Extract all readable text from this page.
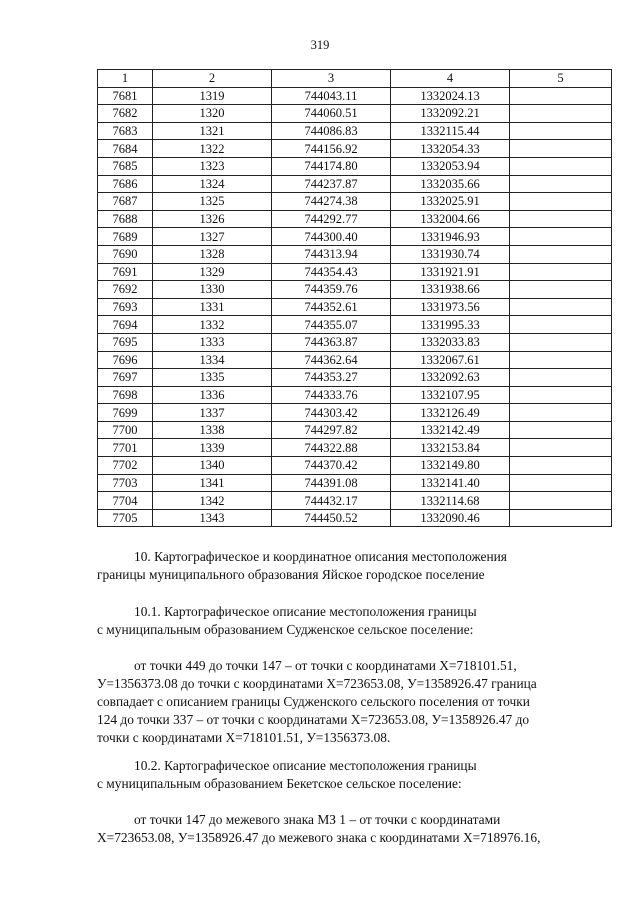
319
1	2	3	4	5
7681	1319	744043.11	1332024.13	
7682	1320	744060.51	1332092.21	
7683	1321	744086.83	1332115.44	
7684	1322	744156.92	1332054.33	
7685	1323	744174.80	1332053.94	
7686	1324	744237.87	1332035.66	
7687	1325	744274.38	1332025.91	
7688	1326	744292.77	1332004.66	
7689	1327	744300.40	1331946.93	
7690	1328	744313.94	1331930.74	
7691	1329	744354.43	1331921.91	
7692	1330	744359.76	1331938.66	
7693	1331	744352.61	1331973.56	
7694	1332	744355.07	1331995.33	
7695	1333	744363.87	1332033.83	
7696	1334	744362.64	1332067.61	
7697	1335	744353.27	1332092.63	
7698	1336	744333.76	1332107.95	
7699	1337	744303.42	1332126.49	
7700	1338	744297.82	1332142.49	
7701	1339	744322.88	1332153.84	
7702	1340	744370.42	1332149.80	
7703	1341	744391.08	1332141.40	
7704	1342	744432.17	1332114.68	
7705	1343	744450.52	1332090.46	
10. Картографическое и координатное описания местоположения
границы муниципального образования Яйское городское поселение
10.1. Картографическое описание местоположения границы
с муниципальным образованием Судженское сельское поселение:
от точки 449 до точки 147 – от точки с координатами Х=718101.51,
У=1356373.08 до точки с координатами Х=723653.08, У=1358926.47 граница
совпадает с описанием границы Судженского сельского поселения от точки
124 до точки 337 – от точки с координатами Х=723653.08, У=1358926.47 до
точки с координатами Х=718101.51, У=1356373.08.
10.2. Картографическое описание местоположения границы
с муниципальным образованием Бекетское сельское поселение:
от точки 147 до межевого знака МЗ 1 – от точки с координатами
Х=723653.08, У=1358926.47 до межевого знака с координатами Х=718976.16,
